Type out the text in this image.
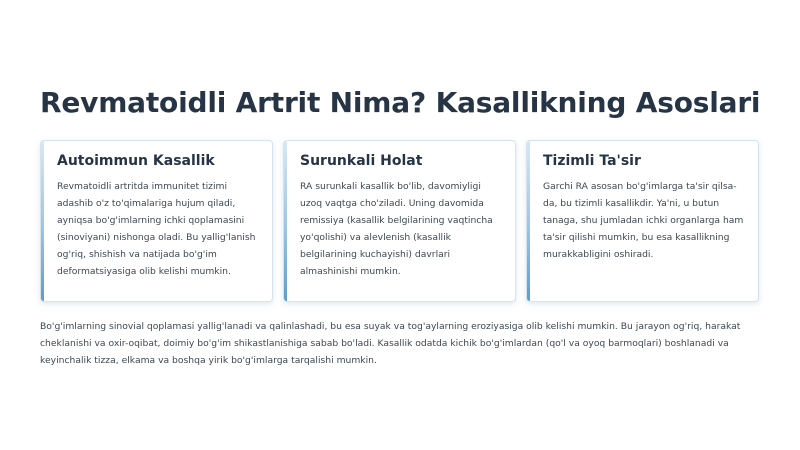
Revmatoidli Artrit Nima? Kasallikning Asoslari
Autoimmun Kasallik

Revmatoidli artritda immunitet tizimi adashib o'z to'qimalariga hujum qiladi, ayniqsa bo'g'imlarning ichki qoplamasini (sinoviyani) nishonga oladi. Bu yallig'lanish og'riq, shishish va natijada bo'g'im deformatsiyasiga olib kelishi mumkin.

Surunkali Holat

RA surunkali kasallik bo'lib, davomiyligi uzoq vaqtga cho'ziladi. Uning davomida remissiya (kasallik belgilarining vaqtincha yo'qolishi) va alevlenish (kasallik belgilarining kuchayishi) davrlari almashinishi mumkin.

Tizimli Ta'sir

Garchi RA asosan bo'g'imlarga ta'sir qilsa-da, bu tizimli kasallikdir. Ya'ni, u butun tanaga, shu jumladan ichki organlarga ham ta'sir qilishi mumkin, bu esa kasallikning murakkabligini oshiradi.

Bo'g'imlarning sinovial qoplamasi yallig'lanadi va qalinlashadi, bu esa suyak va tog'aylarning eroziyasiga olib kelishi mumkin. Bu jarayon og'riq, harakat cheklanishi va oxir-oqibat, doimiy bo'g'im shikastlanishiga sabab bo'ladi. Kasallik odatda kichik bo'g'imlardan (qo'l va oyoq barmoqlari) boshlanadi va keyinchalik tizza, elkama va boshqa yirik bo'g'imlarga tarqalishi mumkin.
